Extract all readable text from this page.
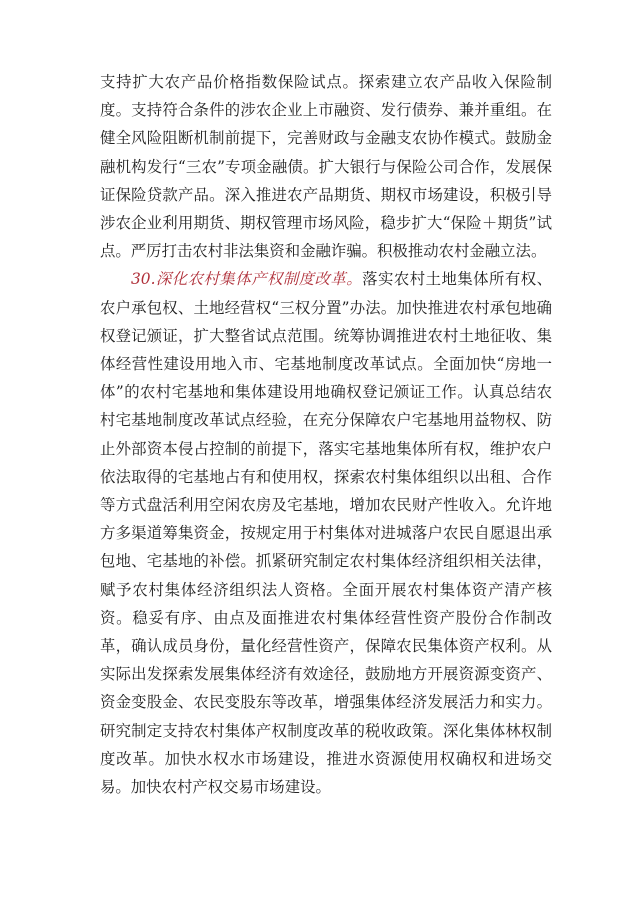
支持扩大农产品价格指数保险试点。探索建立农产品收入保险制度。支持符合条件的涉农企业上市融资、发行债券、兼并重组。在健全风险阻断机制前提下，完善财政与金融支农协作模式。鼓励金融机构发行“三农”专项金融债。扩大银行与保险公司合作，发展保证保险贷款产品。深入推进农产品期货、期权市场建设，积极引导涉农企业利用期货、期权管理市场风险，稳步扩大“保险＋期货”试点。严厉打击农村非法集资和金融诈骗。积极推动农村金融立法。

30.深化农村集体产权制度改革。落实农村土地集体所有权、农户承包权、土地经营权“三权分置”办法。加快推进农村承包地确权登记颁证，扩大整省试点范围。统筹协调推进农村土地征收、集体经营性建设用地入市、宅基地制度改革试点。全面加快“房地一体”的农村宅基地和集体建设用地确权登记颁证工作。认真总结农村宅基地制度改革试点经验，在充分保障农户宅基地用益物权、防止外部资本侵占控制的前提下，落实宅基地集体所有权，维护农户依法取得的宅基地占有和使用权，探索农村集体组织以出租、合作等方式盘活利用空闲农房及宅基地，增加农民财产性收入。允许地方多渠道筹集资金，按规定用于村集体对进城落户农民自愿退出承包地、宅基地的补偿。抓紧研究制定农村集体经济组织相关法律，赋予农村集体经济组织法人资格。全面开展农村集体资产清产核资。稳妥有序、由点及面推进农村集体经营性资产股份合作制改革，确认成员身份，量化经营性资产，保障农民集体资产权利。从实际出发探索发展集体经济有效途径，鼓励地方开展资源变资产、资金变股金、农民变股东等改革，增强集体经济发展活力和实力。研究制定支持农村集体产权制度改革的税收政策。深化集体林权制度改革。加快水权水市场建设，推进水资源使用权确权和进场交易。加快农村产权交易市场建设。
